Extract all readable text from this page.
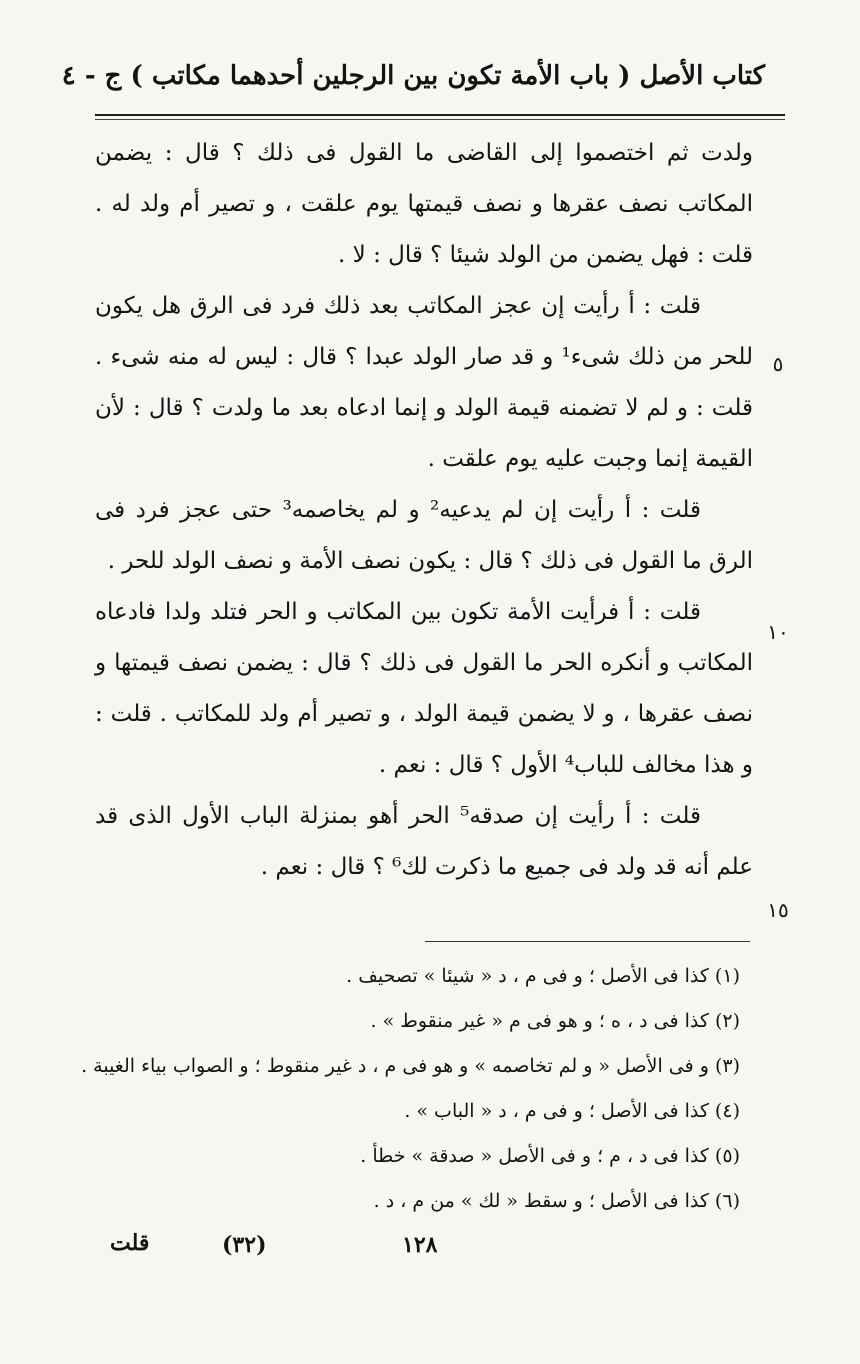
كتاب الأصل ( باب الأمة تكون بين الرجلين أحدهما مكاتب ) ج - ٤

ولدت ثم اختصموا إلى القاضى ما القول فى ذلك ؟ قال : يضمن المكاتب نصف عقرها و نصف قيمتها يوم علقت ، و تصير أم ولد له . قلت : فهل يضمن من الولد شيئا ؟ قال : لا .

قلت : أ رأيت إن عجز المكاتب بعد ذلك فرد فى الرق هل يكون للحر من ذلك شىء¹ و قد صار الولد عبدا ؟ قال : ليس له منه شىء . قلت : و لم لا تضمنه قيمة الولد و إنما ادعاه بعد ما ولدت ؟ قال : لأن القيمة إنما وجبت عليه يوم علقت .

قلت : أ رأيت إن لم يدعيه² و لم يخاصمه³ حتى عجز فرد فى الرق ما القول فى ذلك ؟ قال : يكون نصف الأمة و نصف الولد للحر .

قلت : أ فرأيت الأمة تكون بين المكاتب و الحر فتلد ولدا فادعاه المكاتب و أنكره الحر ما القول فى ذلك ؟ قال : يضمن نصف قيمتها و نصف عقرها ، و لا يضمن قيمة الولد ، و تصير أم ولد للمكاتب . قلت : و هذا مخالف للباب⁴ الأول ؟ قال : نعم .

قلت : أ رأيت إن صدقه⁵ الحر أهو بمنزلة الباب الأول الذى قد علم أنه قد ولد فى جميع ما ذكرت لك⁶ ؟ قال : نعم .

٥
١٠
١٥
(١) كذا فى الأصل ؛ و فى م ، د « شيئا » تصحيف .
(٢) كذا فى د ، ه ؛ و هو فى م « غير منقوط » .
(٣) و فى الأصل « و لم تخاصمه » و هو فى م ، د غير منقوط ؛ و الصواب بياء الغيبة .
(٤) كذا فى الأصل ؛ و فى م ، د « الباب » .
(٥) كذا فى د ، م ؛ و فى الأصل « صدقة » خطأ .
(٦) كذا فى الأصل ؛ و سقط « لك » من م ، د .
١٢٨
(٣٢)
قلت
